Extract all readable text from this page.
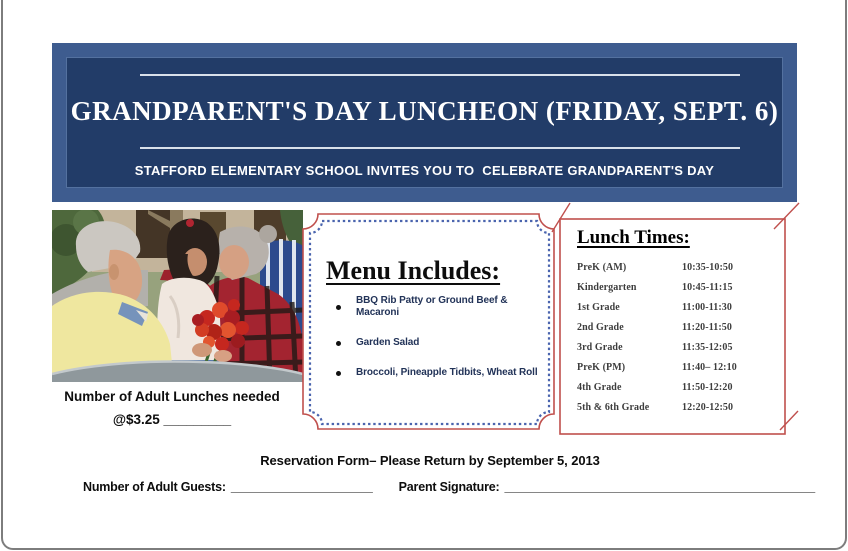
GRANDPARENT'S DAY LUNCHEON (FRIDAY, SEPT. 6)
STAFFORD ELEMENTARY SCHOOL INVITES YOU TO  CELEBRATE GRANDPARENT'S DAY
Menu Includes:
BBQ Rib Patty or Ground Beef & Macaroni
Garden Salad
Broccoli, Pineapple Tidbits, Wheat Roll
Lunch Times:
PreK (AM)	10:35-10:50
Kindergarten	10:45-11:15
1st Grade	11:00-11:30
2nd Grade	11:20-11:50
3rd Grade	11:35-12:05
PreK (PM)	11:40– 12:10
4th Grade	11:50-12:20
5th & 6th Grade	12:20-12:50
Number of Adult Lunches needed
@$3.25 _________
Reservation Form– Please Return by September 5, 2013
Number of Adult Guests: _____________________ Parent Signature: ______________________________________________
